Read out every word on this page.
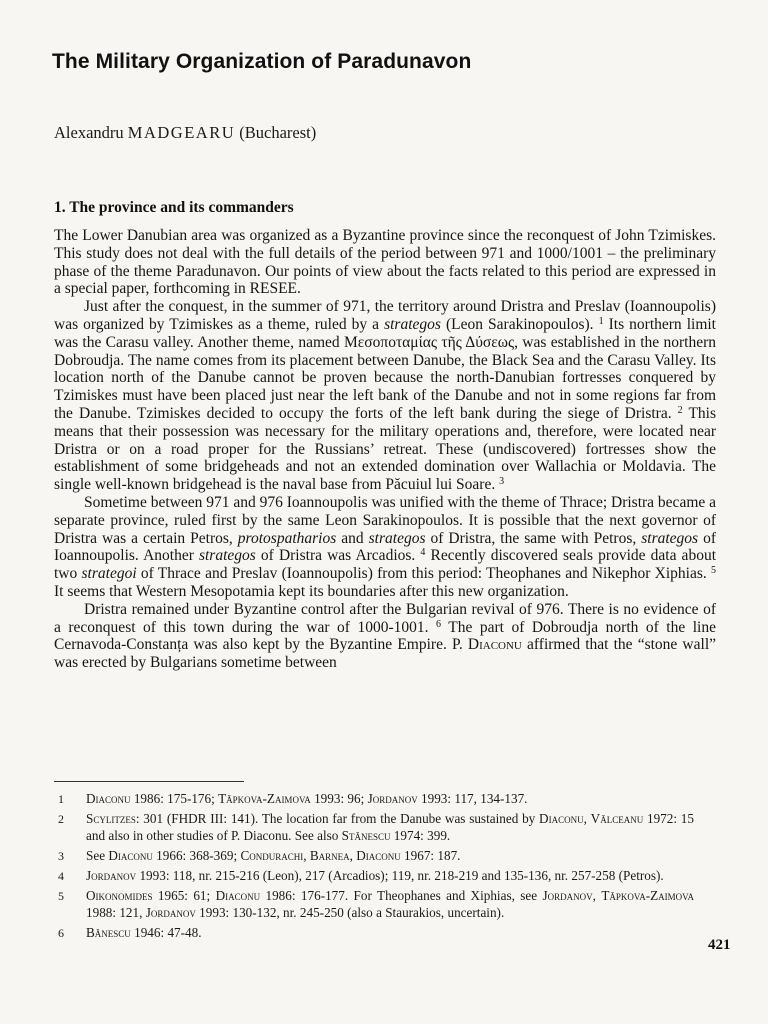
The Military Organization of Paradunavon
Alexandru MADGEARU (Bucharest)
1. The province and its commanders

The Lower Danubian area was organized as a Byzantine province since the reconquest of John Tzimiskes. This study does not deal with the full details of the period between 971 and 1000/1001 – the preliminary phase of the theme Paradunavon. Our points of view about the facts related to this period are expressed in a special paper, forthcoming in RESEE.

Just after the conquest, in the summer of 971, the territory around Dristra and Preslav (Ioannoupolis) was organized by Tzimiskes as a theme, ruled by a strategos (Leon Sarakinopoulos). $^1$ Its northern limit was the Carasu valley. Another theme, named Μεσοποταμίας τῆς Δύσεως, was established in the northern Dobroudja. The name comes from its placement between Danube, the Black Sea and the Carasu Valley. Its location north of the Danube cannot be proven because the north-Danubian fortresses conquered by Tzimiskes must have been placed just near the left bank of the Danube and not in some regions far from the Danube. Tzimiskes decided to occupy the forts of the left bank during the siege of Dristra. $^2$ This means that their possession was necessary for the military operations and, therefore, were located near Dristra or on a road proper for the Russians’ retreat. These (undiscovered) fortresses show the establishment of some bridgeheads and not an extended domination over Wallachia or Moldavia. The single well-known bridgehead is the naval base from Păcuiul lui Soare. $^3$

Sometime between 971 and 976 Ioannoupolis was unified with the theme of Thrace; Dristra became a separate province, ruled first by the same Leon Sarakinopoulos. It is possible that the next governor of Dristra was a certain Petros, protospatharios and strategos of Dristra, the same with Petros, strategos of Ioannoupolis. Another strategos of Dristra was Arcadios. $^4$ Recently discovered seals provide data about two strategoi of Thrace and Preslav (Ioannoupolis) from this period: Theophanes and Nikephor Xiphias. $^5$ It seems that Western Mesopotamia kept its boundaries after this new organization.

Dristra remained under Byzantine control after the Bulgarian revival of 976. There is no evidence of a reconquest of this town during the war of 1000-1001. $^6$ The part of Dobroudja north of the line Cernavoda-Constanța was also kept by the Byzantine Empire. P. Diaconu affirmed that the “stone wall” was erected by Bulgarians sometime between

1 Diaconu 1986: 175-176; Tăpkova-Zaimova 1993: 96; Jordanov 1993: 117, 134-137.
2 Scylitzes: 301 (FHDR III: 141). The location far from the Danube was sustained by Diaconu, Vălceanu 1972: 15 and also in other studies of P. Diaconu. See also Stănescu 1974: 399.
3 See Diaconu 1966: 368-369; Condurachi, Barnea, Diaconu 1967: 187.
4 Jordanov 1993: 118, nr. 215-216 (Leon), 217 (Arcadios); 119, nr. 218-219 and 135-136, nr. 257-258 (Petros).
5 Oikonomides 1965: 61; Diaconu 1986: 176-177. For Theophanes and Xiphias, see Jordanov, Tăpkova-Zaimova 1988: 121, Jordanov 1993: 130-132, nr. 245-250 (also a Staurakios, uncertain).
6 Bănescu 1946: 47-48.
421
